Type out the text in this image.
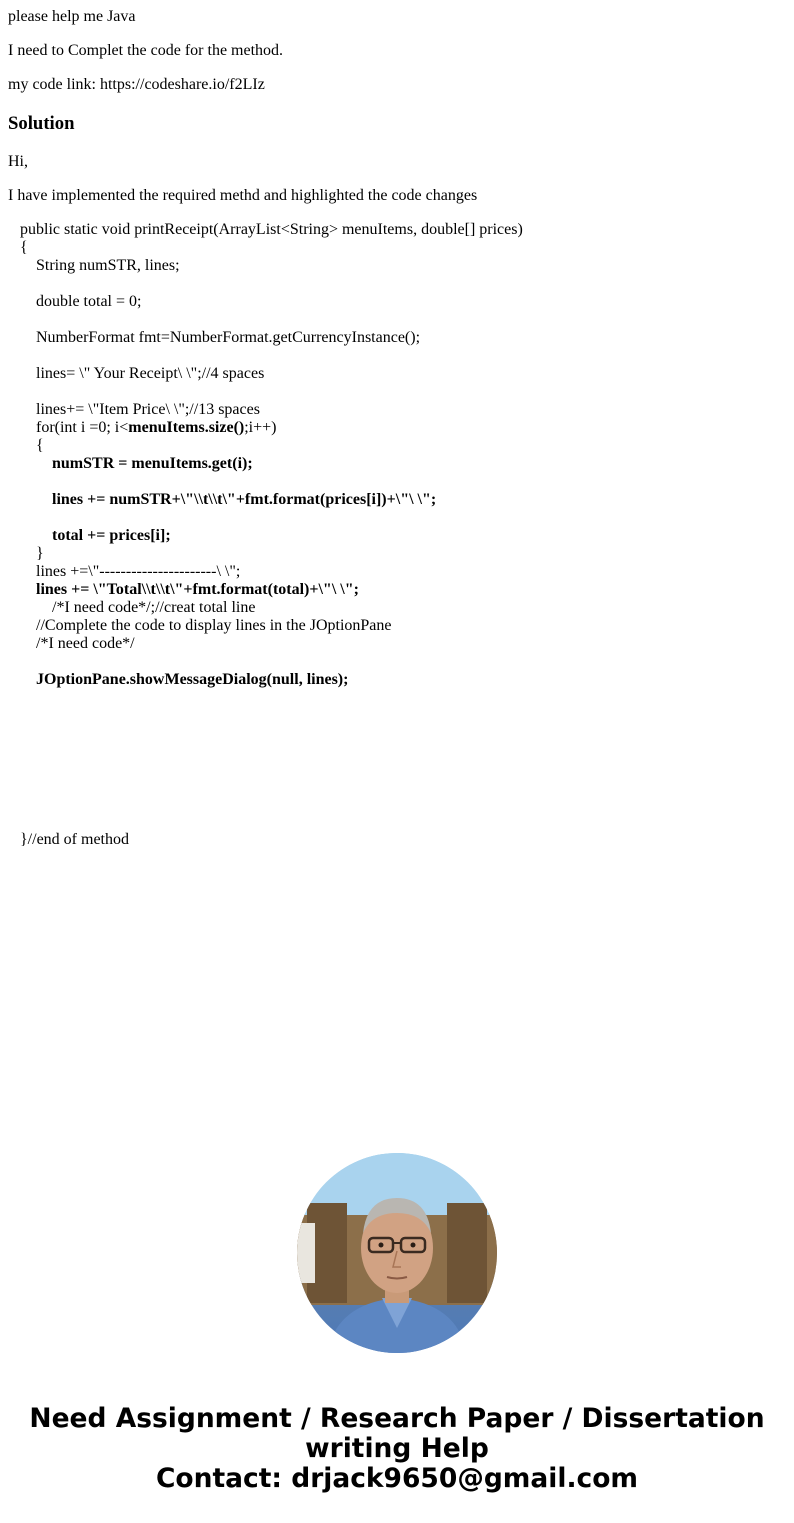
please help me Java
I need to Complet the code for the method.
my code link: https://codeshare.io/f2LIz
Solution
Hi,
I have implemented the required methd and highlighted the code changes
public static void printReceipt(ArrayList<String> menuItems, double[] prices)
{
String numSTR, lines;
double total = 0;
NumberFormat fmt=NumberFormat.getCurrencyInstance();
lines= \" Your Receipt\ \";//4 spaces
lines+= \"Item Price\ \";//13 spaces
for(int i =0; i<menuItems.size();i++)
{
numSTR = menuItems.get(i);
lines += numSTR+\"\\t\\t\"+fmt.format(prices[i])+\"\ \";
total += prices[i];
}
lines +=\"----------------------\ \";
lines += \"Total\\t\\t\"+fmt.format(total)+\"\ \";
/*I need code*/;//creat total line
//Complete the code to display lines in the JOptionPane
/*I need code*/
JOptionPane.showMessageDialog(null, lines);
}//end of method
Need Assignment / Research Paper / Dissertation
writing Help
Contact: drjack9650@gmail.com
